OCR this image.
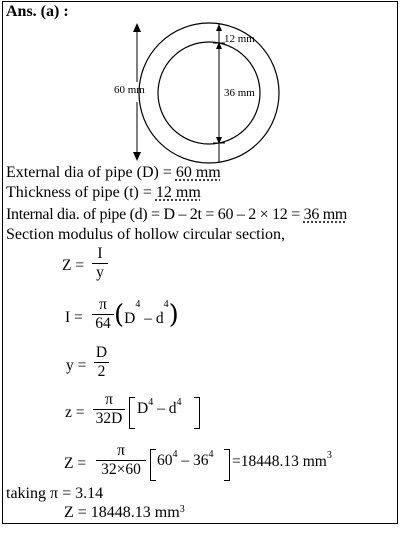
Ans. (a) :
60 mm
12 mm
36 mm
External dia of pipe (D) = 60 mm
Thickness of pipe (t) = 12 mm
Internal dia. of pipe (d) = D – 2t = 60 – 2 × 12 = 36 mm
Section modulus of hollow circular section,
$Z = \frac{I}{y}$
$I = \frac{\pi}{64} (D^4 - d^4)$
$y = \frac{D}{2}$
$z = \frac{\pi}{32D} D^4 - d^4$
$Z = \frac{\pi}{32\times 60} 60^4 - 36^4 =18448.13$ $mm^3$
taking π = 3.14
Z = 18448.13 $mm^3$
